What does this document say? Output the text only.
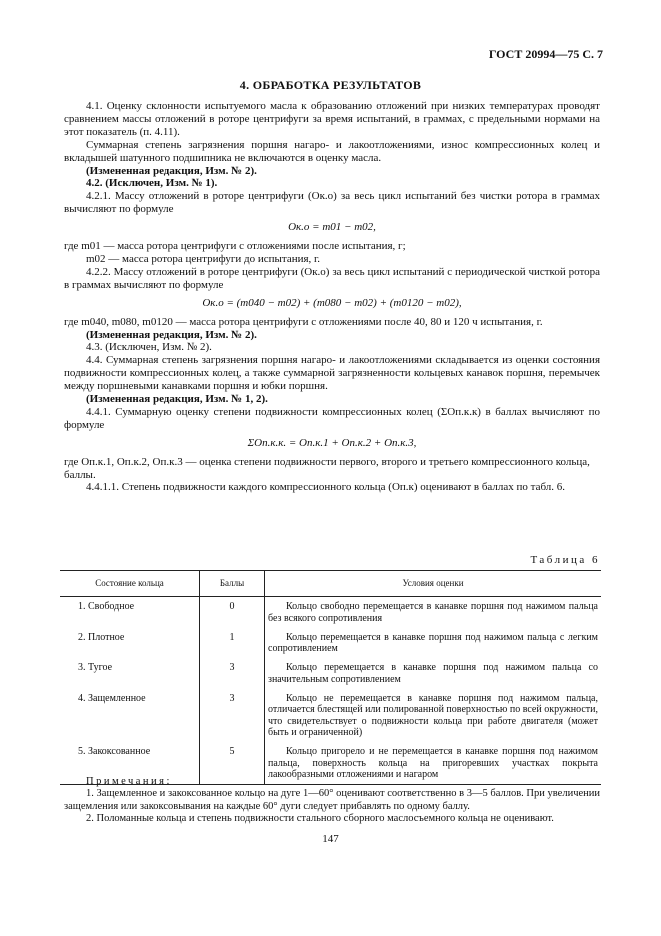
ГОСТ 20994—75 С. 7
4. ОБРАБОТКА РЕЗУЛЬТАТОВ

4.1. Оценку склонности испытуемого масла к образованию отложений при низких температурах проводят сравнением массы отложений в роторе центрифуги за время испытаний, в граммах, с предельными нормами на этот показатель (п. 4.11).

Суммарная степень загрязнения поршня нагаро- и лакоотложениями, износ компрессионных колец и вкладышей шатунного подшипника не включаются в оценку масла.

(Измененная редакция, Изм. № 2).

4.2. (Исключен, Изм. № 1).

4.2.1. Массу отложений в роторе центрифуги (Oк.о) за весь цикл испытаний без чистки ротора в граммах вычисляют по формуле

Oк.о = m01 − m02,

где m01 — масса ротора центрифуги с отложениями после испытания, г;

m02 — масса ротора центрифуги до испытания, г.

4.2.2. Массу отложений в роторе центрифуги (Oк.о) за весь цикл испытаний с периодической чисткой ротора в граммах вычисляют по формуле

Oк.о = (m040 − m02) + (m080 − m02) + (m0120 − m02),

где m040, m080, m0120 — масса ротора центрифуги с отложениями после 40, 80 и 120 ч испытания, г.

(Измененная редакция, Изм. № 2).

4.3. (Исключен, Изм. № 2).

4.4. Суммарная степень загрязнения поршня нагаро- и лакоотложениями складывается из оценки состояния подвижности компрессионных колец, а также суммарной загрязненности кольцевых канавок поршня, перемычек между поршневыми канавками поршня и юбки поршня.

(Измененная редакция, Изм. № 1, 2).

4.4.1. Суммарную оценку степени подвижности компрессионных колец (ΣOп.к.к) в баллах вычисляют по формуле

ΣOп.к.к. = Oп.к.1 + Oп.к.2 + Oп.к.3,

где Oп.к.1, Oп.к.2, Oп.к.3 — оценка степени подвижности первого, второго и третьего компрессионного кольца, баллы.

4.4.1.1. Степень подвижности каждого компрессионного кольца (Oп.к) оценивают в баллах по табл. 6.

Таблица 6
Состояние кольца	Баллы	Условия оценки
1. Свободное	0	Кольцо свободно перемещается в канавке поршня под нажимом пальца без всякого сопротивления
2. Плотное	1	Кольцо перемещается в канавке поршня под нажимом пальца с легким сопротивлением
3. Тугое	3	Кольцо перемещается в канавке поршня под нажимом пальца со значительным сопротивлением
4. Защемленное	3	Кольцо не перемещается в канавке поршня под нажимом пальца, отличается блестящей или полированной поверхностью по всей окружности, что свидетельствует о подвижности кольца при работе двигателя (может быть и ограниченной)
5. Закоксованное	5	Кольцо пригорело и не перемещается в канавке поршня под нажимом пальца, поверхность кольца на пригоревших участках покрыта лакообразными отложениями и нагаром

Примечания:

1. Защемленное и закоксованное кольцо на дуге 1—60° оценивают соответственно в 3—5 баллов. При увеличении защемления или закоксовывания на каждые 60° дуги следует прибавлять по одному баллу.

2. Поломанные кольца и степень подвижности стального сборного маслосъемного кольца не оценивают.

147
